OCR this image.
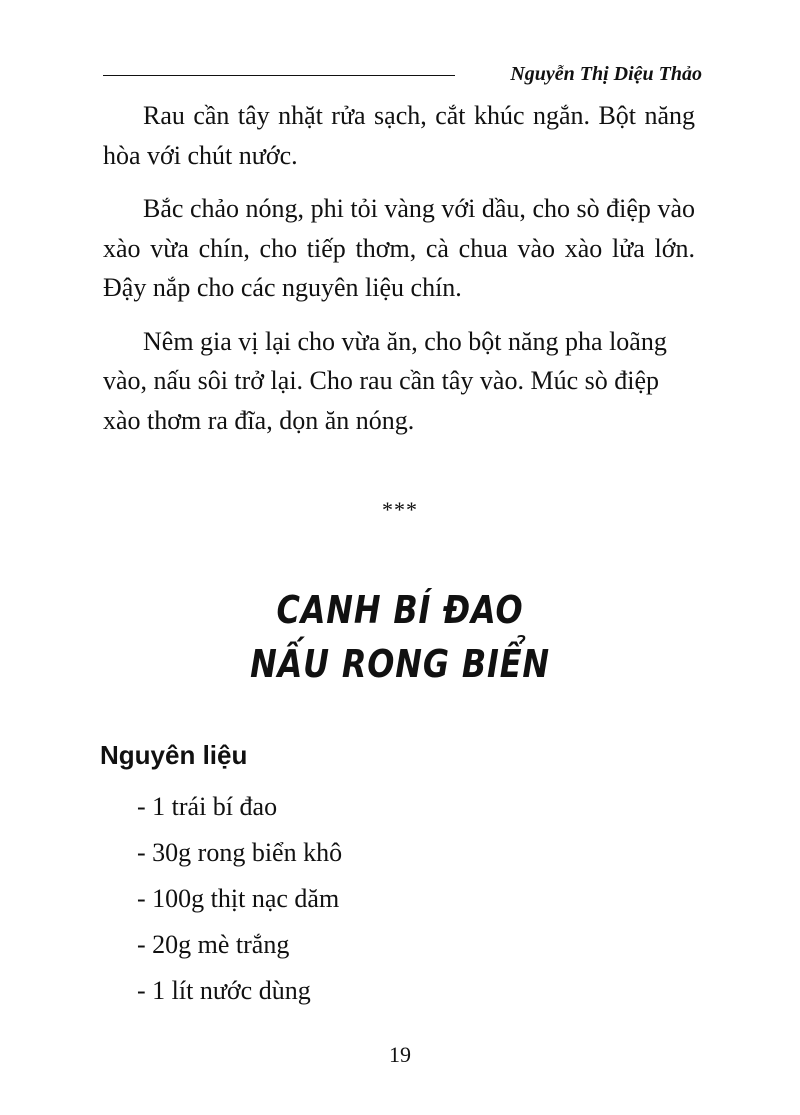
Nguyễn Thị Diệu Thảo

Rau cần tây nhặt rửa sạch, cắt khúc ngắn. Bột năng hòa với chút nước.

Bắc chảo nóng, phi tỏi vàng với dầu, cho sò điệp vào xào vừa chín, cho tiếp thơm, cà chua vào xào lửa lớn. Đậy nắp cho các nguyên liệu chín.

Nêm gia vị lại cho vừa ăn, cho bột năng pha loãng vào, nấu sôi trở lại. Cho rau cần tây vào. Múc sò điệp xào thơm ra đĩa, dọn ăn nóng.

***
CANH BÍ ĐAO
NẤU RONG BIỂN
Nguyên liệu
- 1 trái bí đao
- 30g rong biển khô
- 100g thịt nạc dăm
- 20g mè trắng
- 1 lít nước dùng
19
